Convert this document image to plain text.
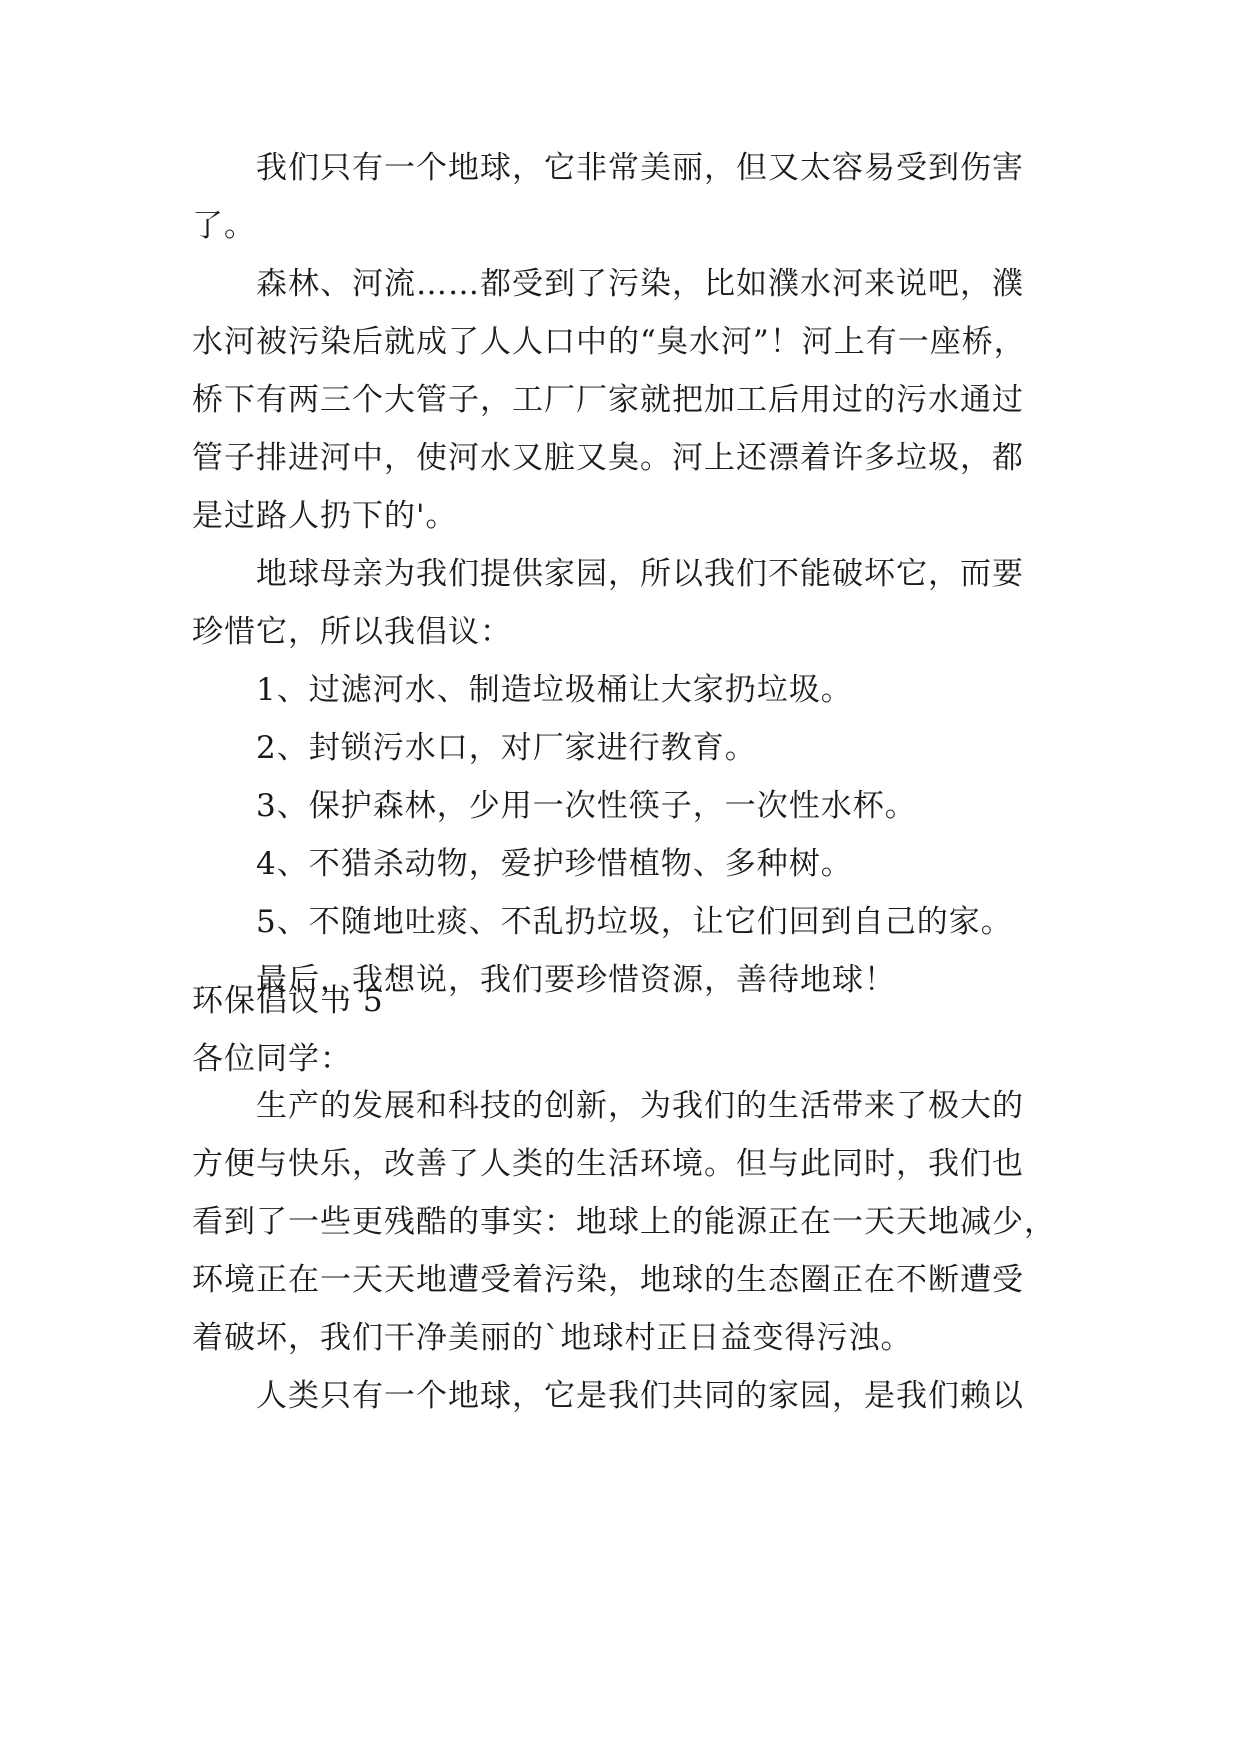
我们只有一个地球，它非常美丽，但又太容易受到伤害
了。
森林、河流……都受到了污染，比如濮水河来说吧，濮
水河被污染后就成了人人口中的“臭水河”！河上有一座桥，
桥下有两三个大管子，工厂厂家就把加工后用过的污水通过
管子排进河中，使河水又脏又臭。河上还漂着许多垃圾，都
是过路人扔下的'。
地球母亲为我们提供家园，所以我们不能破坏它，而要
珍惜它，所以我倡议：
1、过滤河水、制造垃圾桶让大家扔垃圾。
2、封锁污水口，对厂家进行教育。
3、保护森林，少用一次性筷子，一次性水杯。
4、不猎杀动物，爱护珍惜植物、多种树。
5、不随地吐痰、不乱扔垃圾，让它们回到自己的家。
最后，我想说，我们要珍惜资源，善待地球！
环保倡议书 5
各位同学：
生产的发展和科技的创新，为我们的生活带来了极大的
方便与快乐，改善了人类的生活环境。但与此同时，我们也
看到了一些更残酷的事实：地球上的能源正在一天天地减少，
环境正在一天天地遭受着污染，地球的生态圈正在不断遭受
着破坏，我们干净美丽的`地球村正日益变得污浊。
人类只有一个地球，它是我们共同的家园，是我们赖以
